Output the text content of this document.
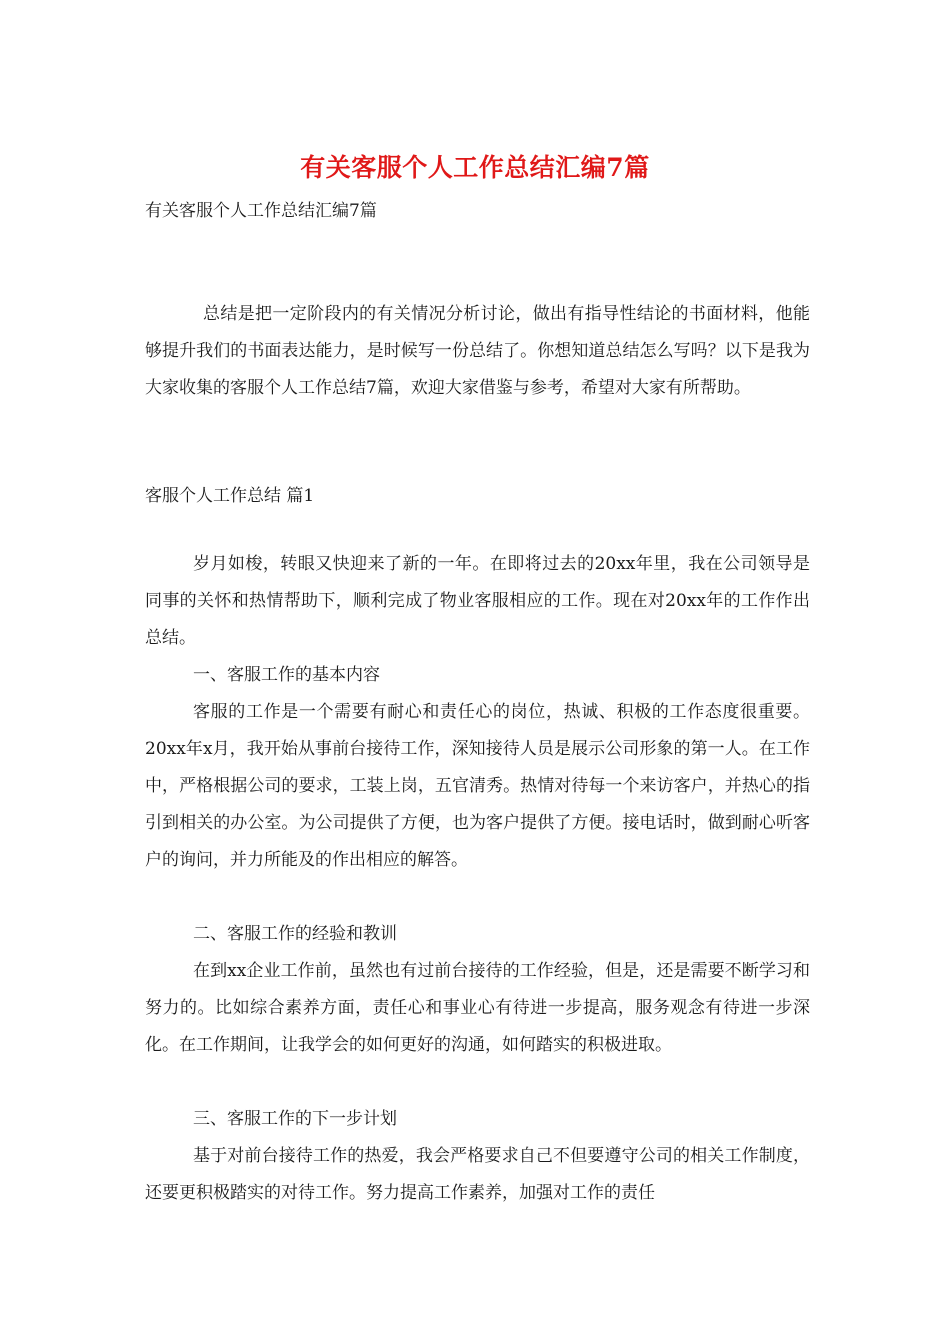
有关客服个人工作总结汇编7篇
有关客服个人工作总结汇编7篇

总结是把一定阶段内的有关情况分析讨论，做出有指导性结论的书面材料，他能够提升我们的书面表达能力，是时候写一份总结了。你想知道总结怎么写吗？以下是我为大家收集的客服个人工作总结7篇，欢迎大家借鉴与参考，希望对大家有所帮助。

客服个人工作总结 篇1

岁月如梭，转眼又快迎来了新的一年。在即将过去的20xx年里，我在公司领导是同事的关怀和热情帮助下，顺利完成了物业客服相应的工作。现在对20xx年的工作作出总结。

一、客服工作的基本内容

客服的工作是一个需要有耐心和责任心的岗位，热诚、积极的工作态度很重要。20xx年x月，我开始从事前台接待工作，深知接待人员是展示公司形象的第一人。在工作中，严格根据公司的要求，工装上岗，五官清秀。热情对待每一个来访客户，并热心的指引到相关的办公室。为公司提供了方便，也为客户提供了方便。接电话时，做到耐心听客户的询问，并力所能及的作出相应的解答。

二、客服工作的经验和教训

在到xx企业工作前，虽然也有过前台接待的工作经验，但是，还是需要不断学习和努力的。比如综合素养方面，责任心和事业心有待进一步提高，服务观念有待进一步深化。在工作期间，让我学会的如何更好的沟通，如何踏实的积极进取。

三、客服工作的下一步计划

基于对前台接待工作的热爱，我会严格要求自己不但要遵守公司的相关工作制度，还要更积极踏实的对待工作。努力提高工作素养，加强对工作的责任
